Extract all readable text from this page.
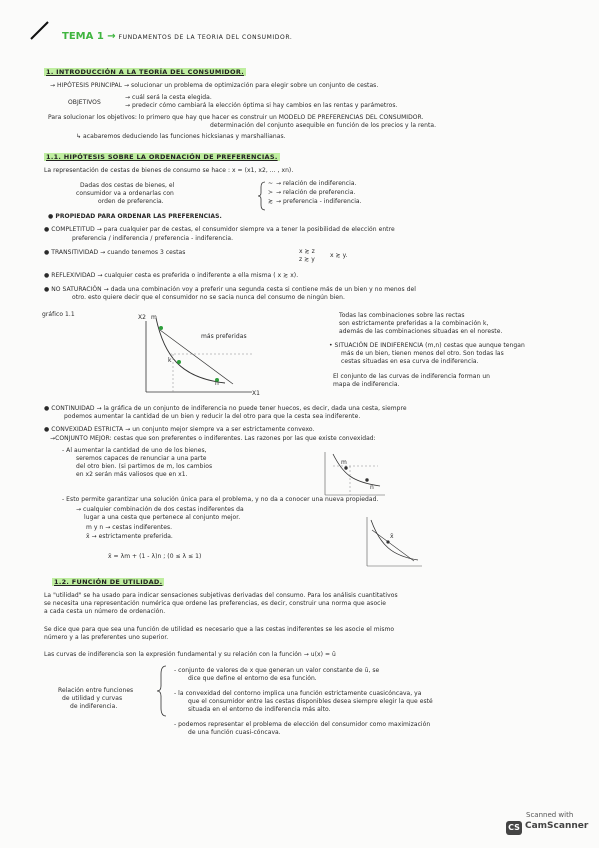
TEMA 1 → FUNDAMENTOS DE LA TEORIA DEL CONSUMIDOR.
1. INTRODUCCIÓN A LA TEORÍA DEL CONSUMIDOR.
→ HIPÓTESIS PRINCIPAL → solucionar un problema de optimización para elegir sobre un conjunto de cestas.
→ cuál será la cesta elegida.
OBJETIVOS	→ predecir cómo cambiará la elección óptima si hay cambios en las rentas y parámetros.
Para solucionar los objetivos: lo primero que hay que hacer es construir un MODELO DE PREFERENCIAS DEL CONSUMIDOR.
determinación del conjunto asequible en función de los precios y la renta.
↳ acabaremos deduciendo las funciones hicksianas y marshallianas.
1.1. HIPÓTESIS SOBRE LA ORDENACIÓN DE PREFERENCIAS.
La representación de cestas de bienes de consumo se hace : x = (x1, x2, ... , xn).
Dadas dos cestas de bienes, el
consumidor va a ordenarlas con
orden de preferencia.
~ → relación de indiferencia.
≻ → relación de preferencia.
≿ → preferencia - indiferencia.
● PROPIEDAD PARA ORDENAR LAS PREFERENCIAS.
● COMPLETITUD → para cualquier par de cestas, el consumidor siempre va a tener la posibilidad de elección entre
preferencia / indiferencia / preferencia - indiferencia.
● TRANSITIVIDAD → cuando tenemos 3 cestas	x ≿ z
z ≿ y
x ≿ y.
● REFLEXIVIDAD → cualquier cesta es preferida o indiferente a ella misma ( x ≿ x).
● NO SATURACIÓN → dada una combinación voy a preferir una segunda cesta si contiene más de un bien y no menos del
otro. esto quiere decir que el consumidor no se sacia nunca del consumo de ningún bien.
gráfico 1.1	X2
X1
más preferidas
m
n
k
Todas las combinaciones sobre las rectas
son estrictamente preferidas a la combinación k,
además de las combinaciones situadas en el noreste.
• SITUACIÓN DE INDIFERENCIA (m,n) cestas que aunque tengan
más de un bien, tienen menos del otro. Son todas las
cestas situadas en esa curva de indiferencia.
El conjunto de las curvas de indiferencia forman un
mapa de indiferencia.
● CONTINUIDAD → la gráfica de un conjunto de indiferencia no puede tener huecos, es decir, dada una cesta, siempre
podemos aumentar la cantidad de un bien y reducir la del otro para que la cesta sea indiferente.
● CONVEXIDAD ESTRICTA → un conjunto mejor siempre va a ser estrictamente convexo.
→CONJUNTO MEJOR: cestas que son preferentes o indiferentes. Las razones por las que existe convexidad:
- Al aumentar la cantidad de uno de los bienes,
seremos capaces de renunciar a una parte
del otro bien. (si partimos de m, los cambios
en x2 serán más valiosos que en x1.
- Esto permite garantizar una solución única para el problema, y no da a conocer una nueva propiedad.
→ cualquier combinación de dos cestas indiferentes da
lugar a una cesta que pertenece al conjunto mejor.
m y n → cestas indiferentes.
x̄ → estrictamente preferida.
x̄ = λm + (1 - λ)n ; (0 ≤ λ ≤ 1)
m
n
x̄
1.2. FUNCIÓN DE UTILIDAD.
La "utilidad" se ha usado para indicar sensaciones subjetivas derivadas del consumo. Para los análisis cuantitativos
se necesita una representación numérica que ordene las preferencias, es decir, construir una norma que asocie
a cada cesta un número de ordenación.
Se dice que para que sea una función de utilidad es necesario que a las cestas indiferentes se les asocie el mismo
número y a las preferentes uno superior.
Las curvas de indiferencia son la expresión fundamental y su relación con la función → u(x) = ū
- conjunto de valores de x que generan un valor constante de ū, se
dice que define el entorno de esa función.
Relación entre funciones
de utilidad y curvas
de indiferencia.
- la convexidad del contorno implica una función estrictamente cuasicóncava, ya
que el consumidor entre las cestas disponibles desea siempre elegir la que esté
situada en el entorno de indiferencia más alto.
- podemos representar el problema de elección del consumidor como maximización
de una función cuasi-cóncava.
CS
Scanned with
CamScanner
